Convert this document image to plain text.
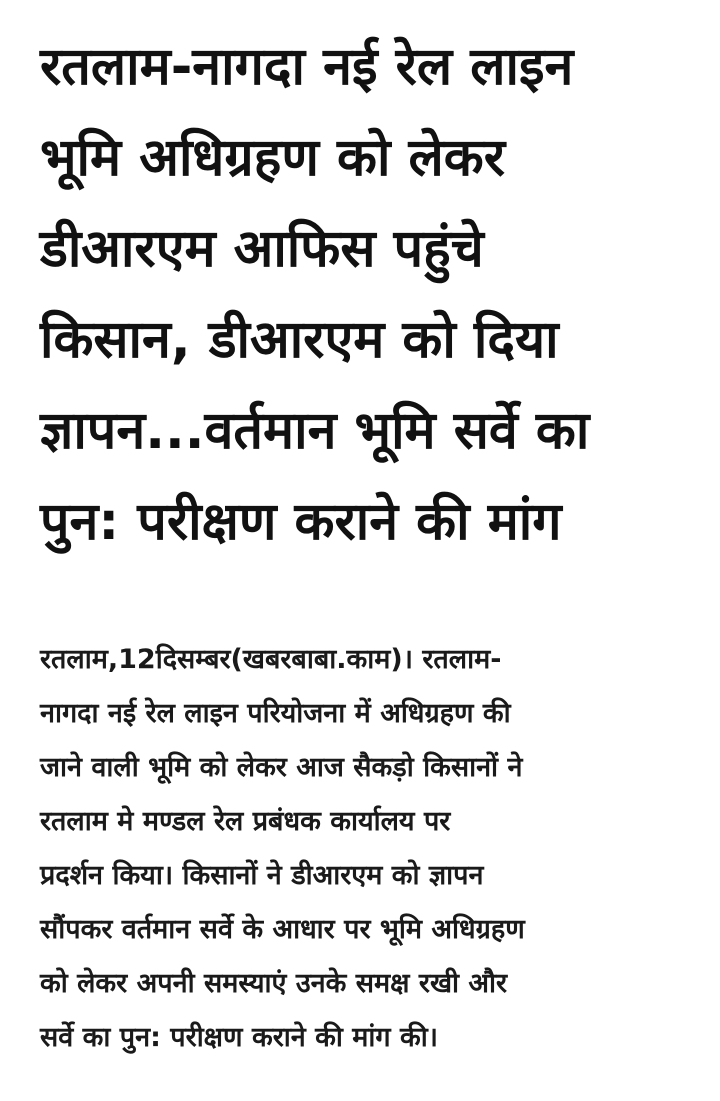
रतलाम-नागदा नई रेल लाइन
भूमि अधिग्रहण को लेकर
डीआरएम आफिस पहुंचे
किसान, डीआरएम को दिया
ज्ञापन...वर्तमान भूमि सर्वे का
पुन: परीक्षण कराने की मांग

रतलाम,12दिसम्बर(खबरबाबा.काम)। रतलाम-
नागदा नई रेल लाइन परियोजना में अधिग्रहण की
जाने वाली भूमि को लेकर आज सैकड़ो किसानों ने
रतलाम मे मण्डल रेल प्रबंधक कार्यालय पर
प्रदर्शन किया। किसानों ने डीआरएम को ज्ञापन
सौंपकर वर्तमान सर्वे के आधार पर भूमि अधिग्रहण
को लेकर अपनी समस्याएं उनके समक्ष रखी और
सर्वे का पुन: परीक्षण कराने की मांग की।
